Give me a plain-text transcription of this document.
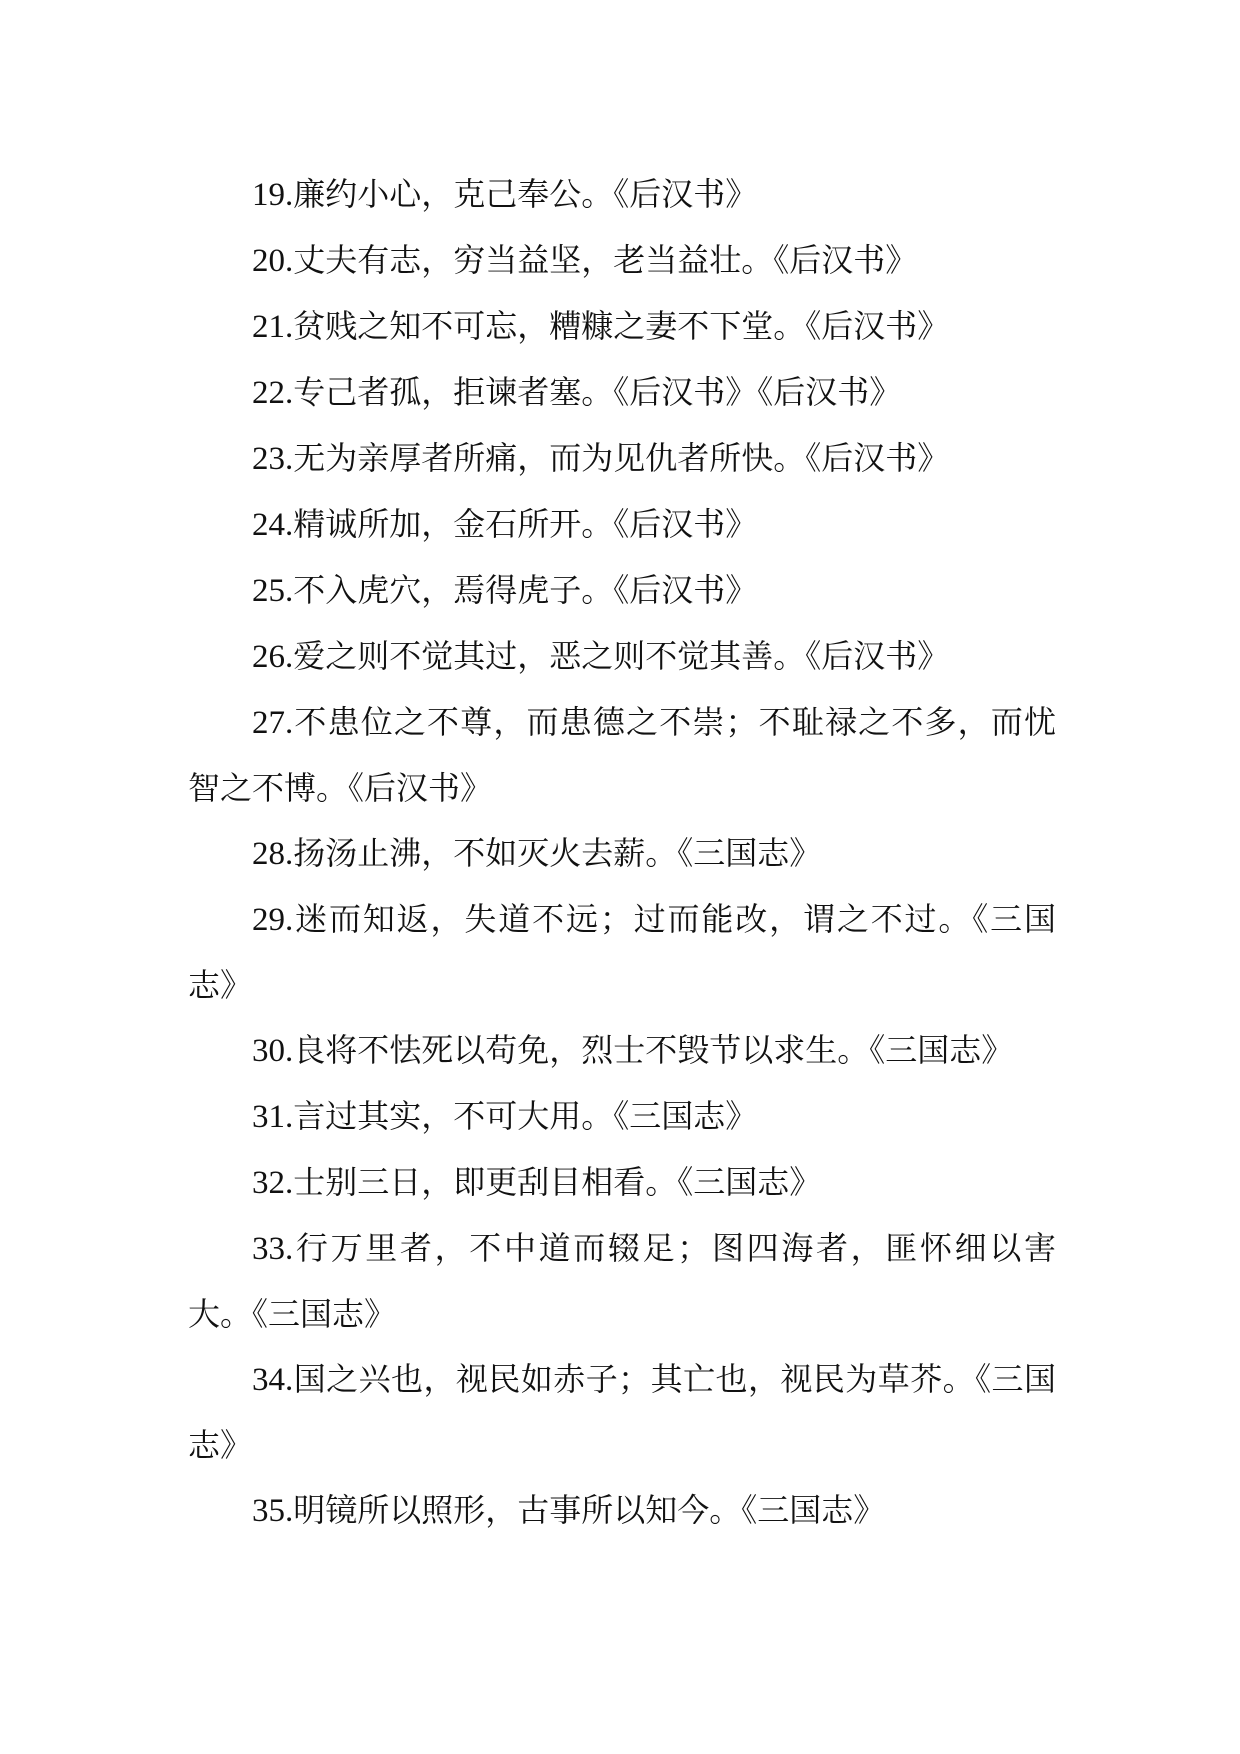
19.廉约小心，克己奉公。《后汉书》

20.丈夫有志，穷当益坚，老当益壮。《后汉书》

21.贫贱之知不可忘，糟糠之妻不下堂。《后汉书》

22.专己者孤，拒谏者塞。《后汉书》《后汉书》

23.无为亲厚者所痛，而为见仇者所快。《后汉书》

24.精诚所加，金石所开。《后汉书》

25.不入虎穴，焉得虎子。《后汉书》

26.爱之则不觉其过，恶之则不觉其善。《后汉书》

27.不患位之不尊，而患德之不崇；不耻禄之不多，而忧智之不博。《后汉书》

28.扬汤止沸，不如灭火去薪。《三国志》

29.迷而知返，失道不远；过而能改，谓之不过。《三国志》

30.良将不怯死以苟免，烈士不毁节以求生。《三国志》

31.言过其实，不可大用。《三国志》

32.士别三日，即更刮目相看。《三国志》

33.行万里者，不中道而辍足；图四海者，匪怀细以害大。《三国志》

34.国之兴也，视民如赤子；其亡也，视民为草芥。《三国志》

35.明镜所以照形，古事所以知今。《三国志》
